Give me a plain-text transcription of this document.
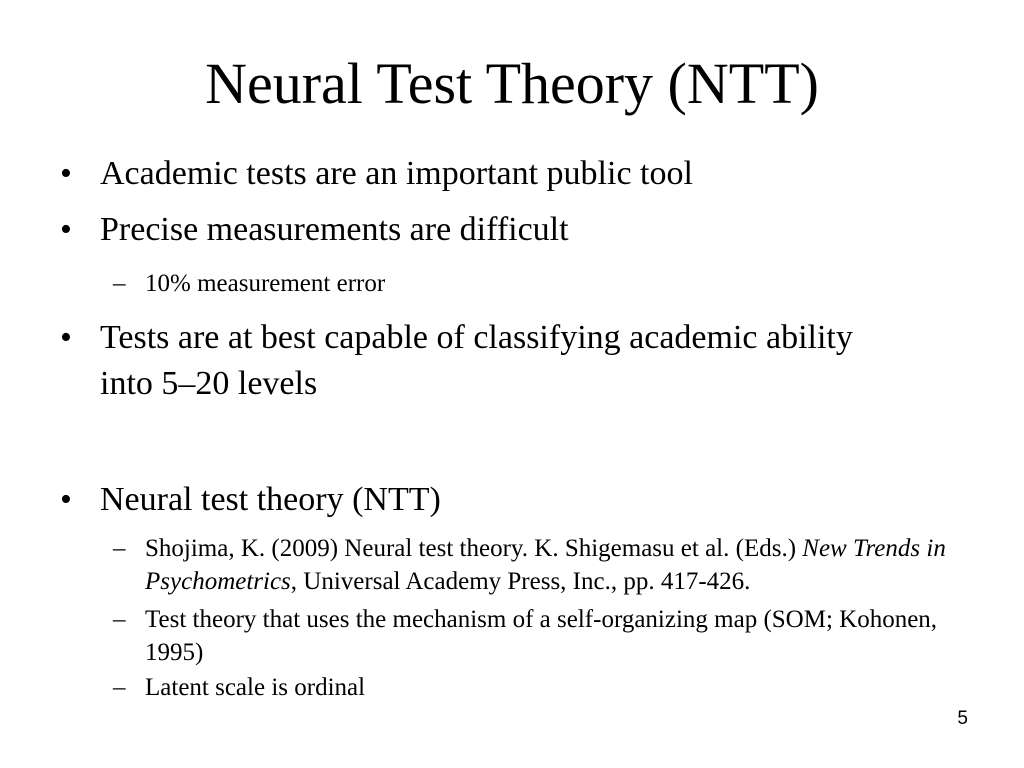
Neural Test Theory (NTT)
• Academic tests are an important public tool
• Precise measurements are difficult
– 10% measurement error
• Tests are at best capable of classifying academic ability into 5–20 levels
• Neural test theory (NTT)
– Shojima, K. (2009) Neural test theory. K. Shigemasu et al. (Eds.) New Trends in Psychometrics, Universal Academy Press, Inc., pp. 417-426.
– Test theory that uses the mechanism of a self-organizing map (SOM; Kohonen, 1995)
– Latent scale is ordinal
5
